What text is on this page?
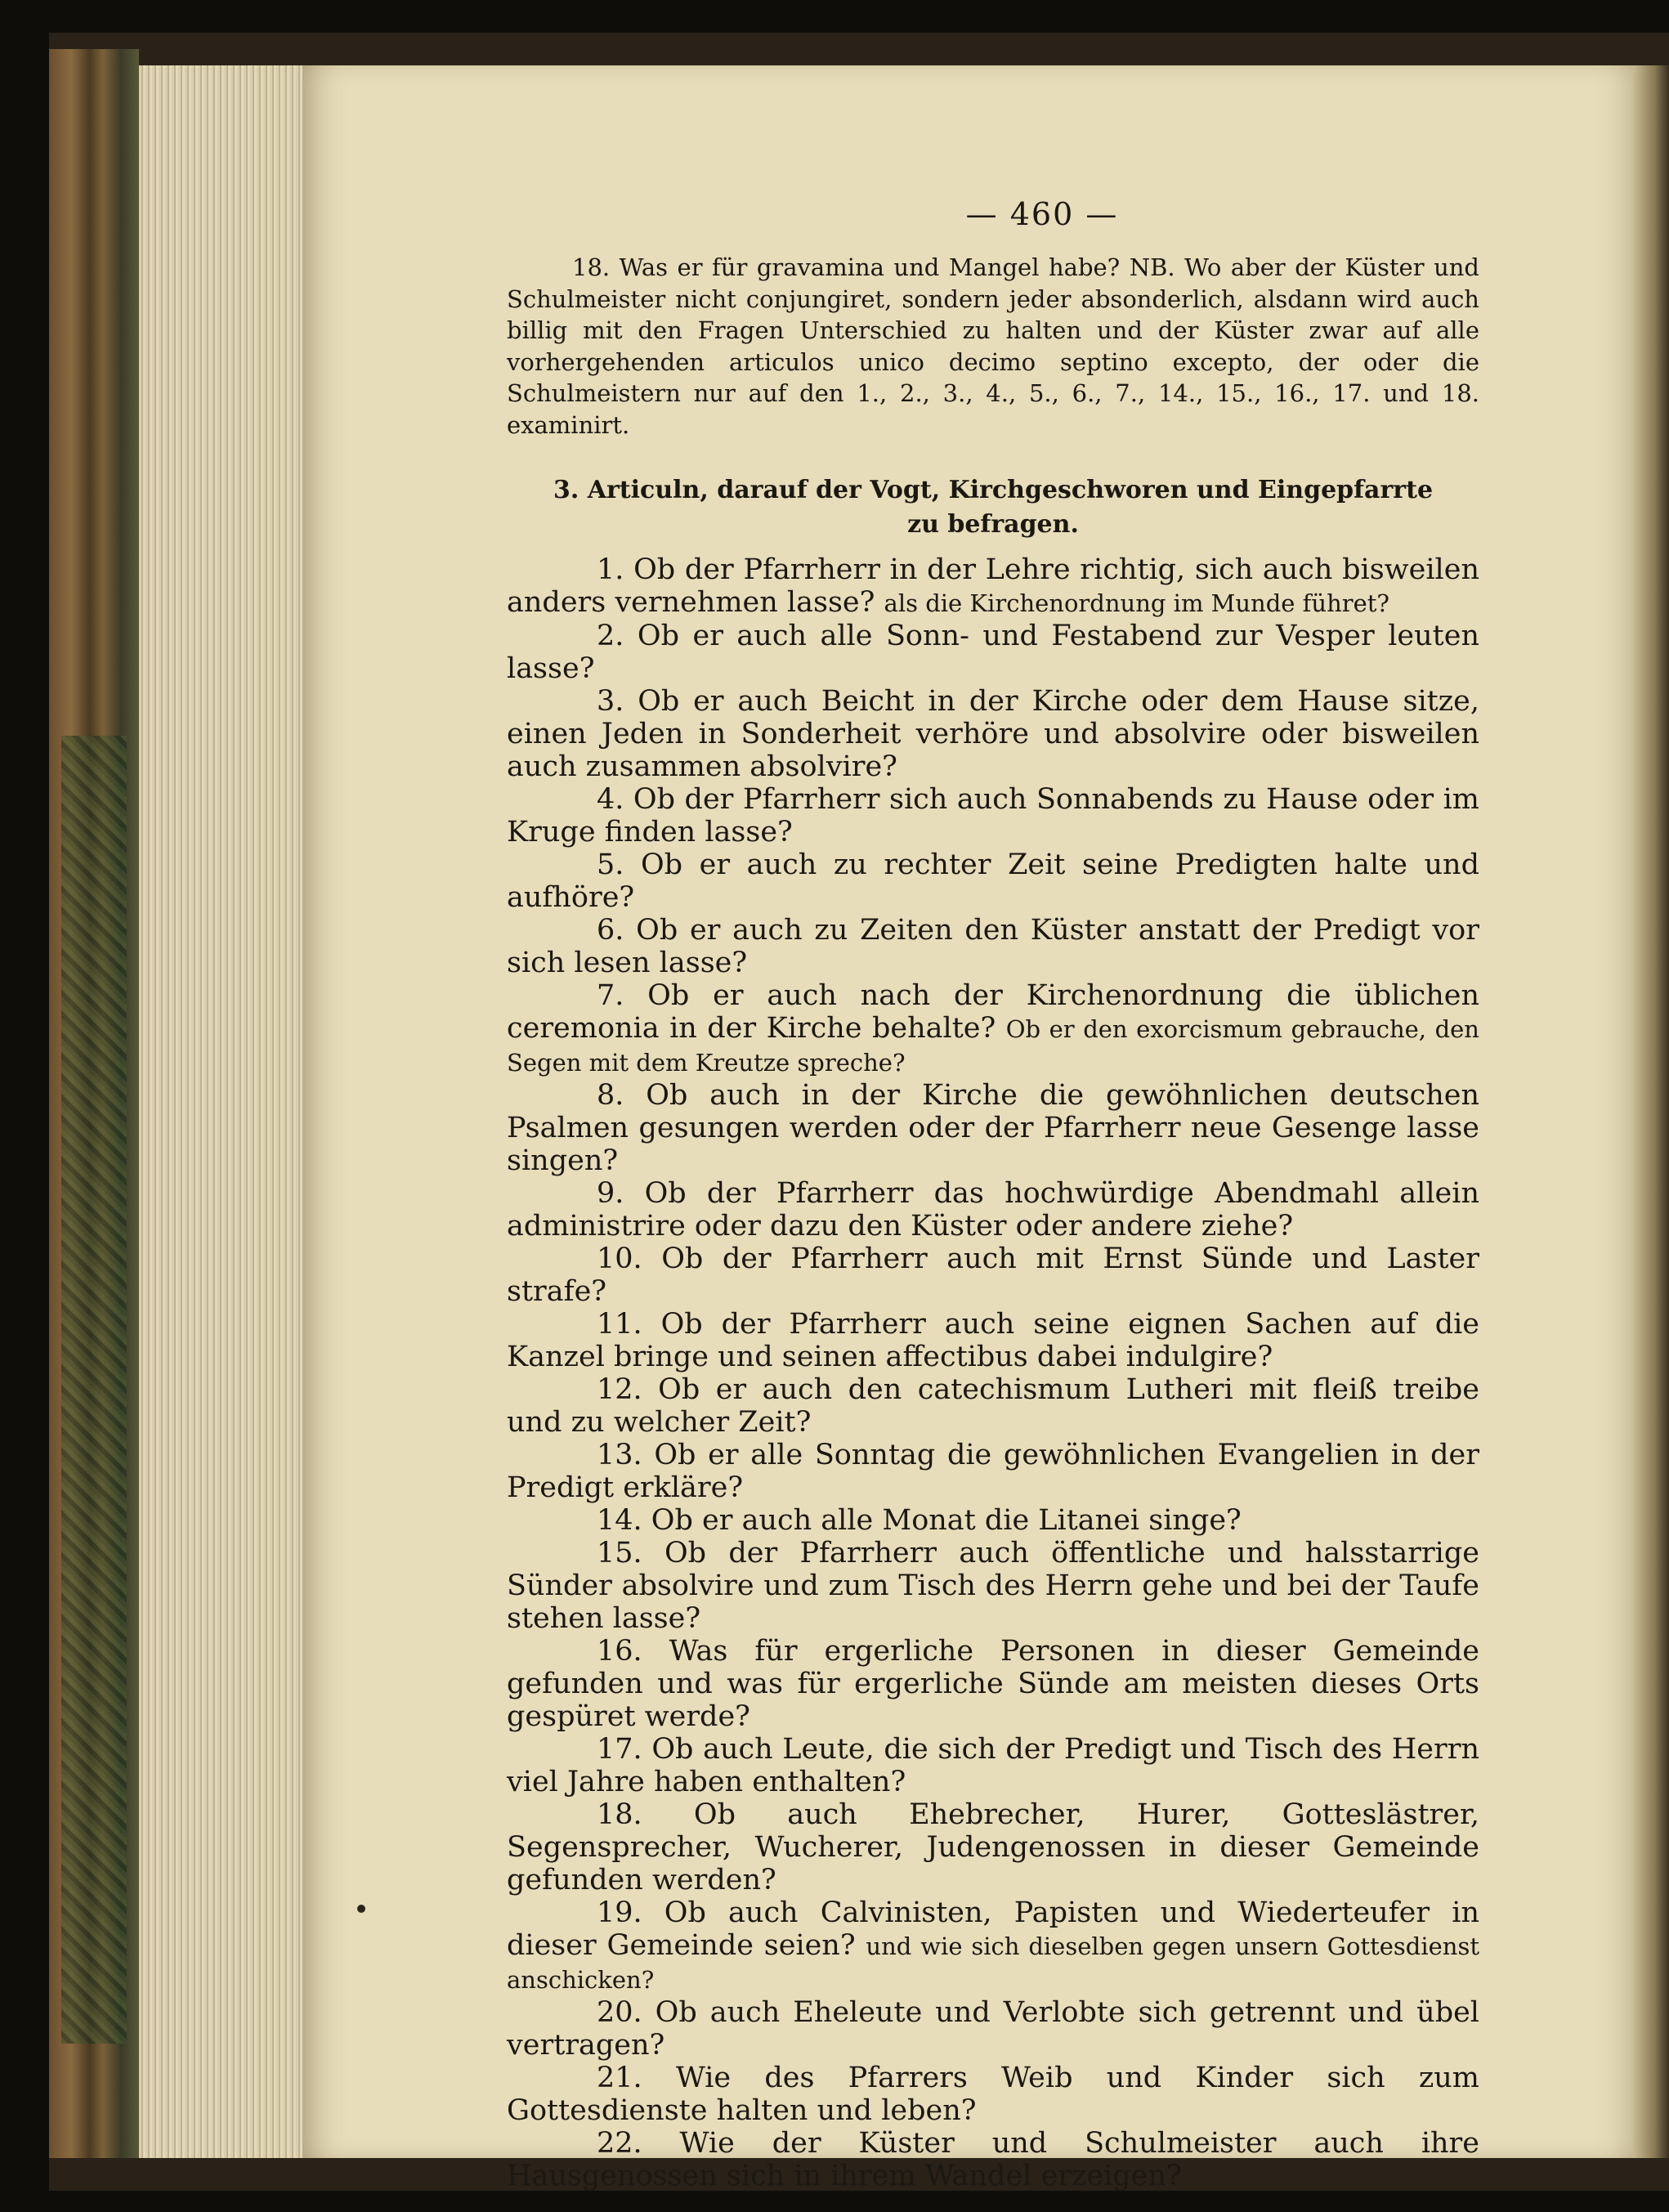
— 460 —

18. Was er für gravamina und Mangel habe? NB. Wo aber der Küster und Schulmeister nicht conjungiret, sondern jeder absonderlich, alsdann wird auch billig mit den Fragen Unterschied zu halten und der Küster zwar auf alle vorhergehenden articulos unico decimo septino excepto, der oder die Schulmeistern nur auf den 1., 2., 3., 4., 5., 6., 7., 14., 15., 16., 17. und 18. examinirt.

3. Articuln, darauf der Vogt, Kirchgeschworen und Eingepfarrte
zu befragen.

1. Ob der Pfarrherr in der Lehre richtig, sich auch bisweilen anders vernehmen lasse? als die Kirchenordnung im Munde führet?

2. Ob er auch alle Sonn- und Festabend zur Vesper leuten lasse?

3. Ob er auch Beicht in der Kirche oder dem Hause sitze, einen Jeden in Sonderheit verhöre und absolvire oder bisweilen auch zusammen absolvire?

4. Ob der Pfarrherr sich auch Sonnabends zu Hause oder im Kruge finden lasse?

5. Ob er auch zu rechter Zeit seine Predigten halte und aufhöre?

6. Ob er auch zu Zeiten den Küster anstatt der Predigt vor sich lesen lasse?

7. Ob er auch nach der Kirchenordnung die üblichen ceremonia in der Kirche behalte? Ob er den exorcismum gebrauche, den Segen mit dem Kreutze spreche?

8. Ob auch in der Kirche die gewöhnlichen deutschen Psalmen gesungen werden oder der Pfarrherr neue Gesenge lasse singen?

9. Ob der Pfarrherr das hochwürdige Abendmahl allein administrire oder dazu den Küster oder andere ziehe?

10. Ob der Pfarrherr auch mit Ernst Sünde und Laster strafe?

11. Ob der Pfarrherr auch seine eignen Sachen auf die Kanzel bringe und seinen affectibus dabei indulgire?

12. Ob er auch den catechismum Lutheri mit fleiß treibe und zu welcher Zeit?

13. Ob er alle Sonntag die gewöhnlichen Evangelien in der Predigt erkläre?

14. Ob er auch alle Monat die Litanei singe?

15. Ob der Pfarrherr auch öffentliche und halsstarrige Sünder absolvire und zum Tisch des Herrn gehe und bei der Taufe stehen lasse?

16. Was für ergerliche Personen in dieser Gemeinde gefunden und was für ergerliche Sünde am meisten dieses Orts gespüret werde?

17. Ob auch Leute, die sich der Predigt und Tisch des Herrn viel Jahre haben enthalten?

18. Ob auch Ehebrecher, Hurer, Gotteslästrer, Segensprecher, Wucherer, Judengenossen in dieser Gemeinde gefunden werden?

19. Ob auch Calvinisten, Papisten und Wiederteufer in dieser Gemeinde seien? und wie sich dieselben gegen unsern Gottesdienst anschicken?

20. Ob auch Eheleute und Verlobte sich getrennt und übel vertragen?

21. Wie des Pfarrers Weib und Kinder sich zum Gottesdienste halten und leben?

22. Wie der Küster und Schulmeister auch ihre Hausgenossen sich in ihrem Wandel erzeigen?
